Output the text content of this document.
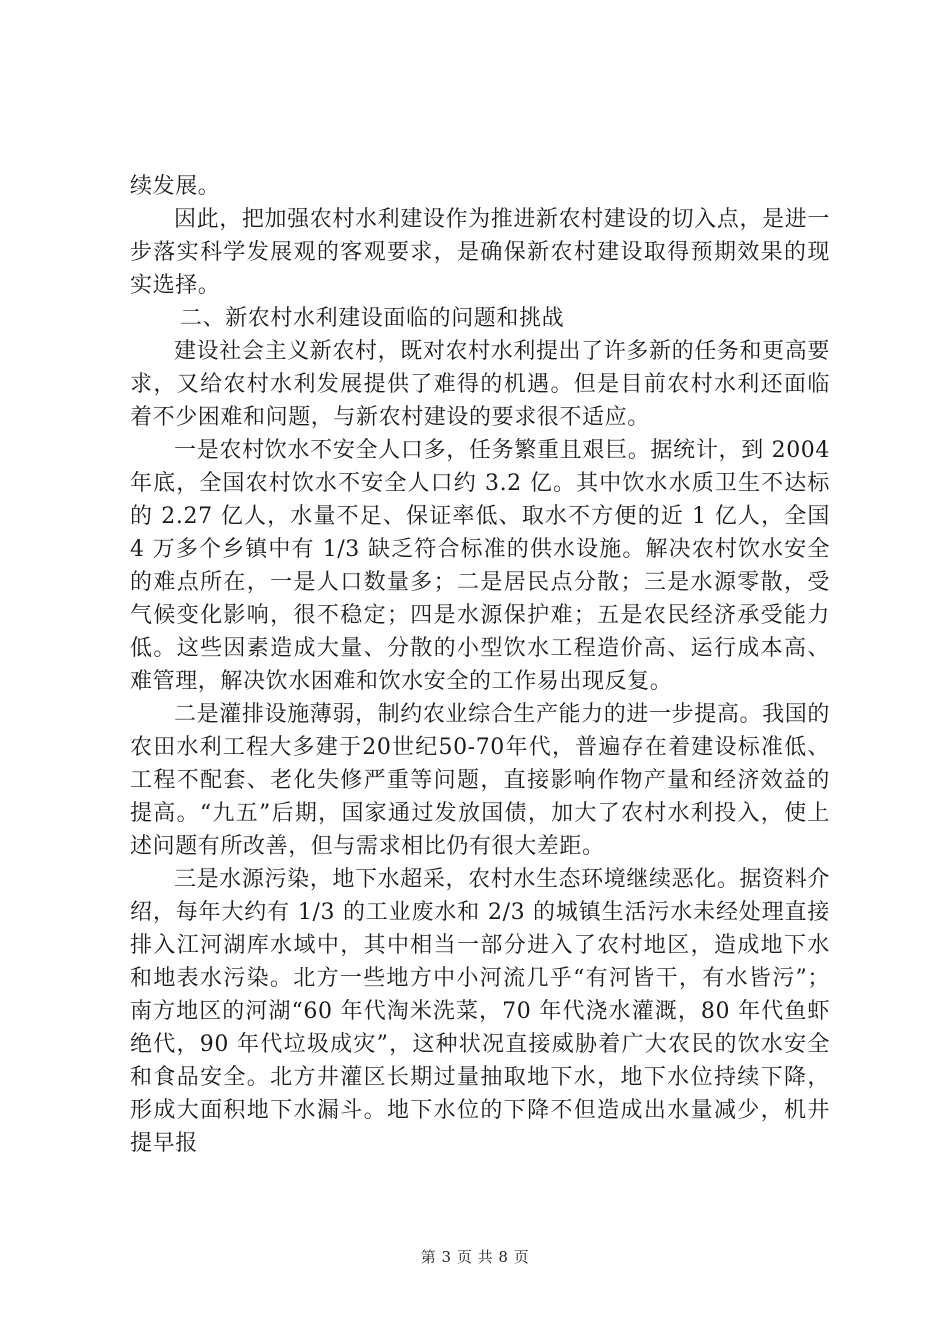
续发展。

因此，把加强农村水利建设作为推进新农村建设的切入点，是进一步落实科学发展观的客观要求，是确保新农村建设取得预期效果的现实选择。

二、新农村水利建设面临的问题和挑战

建设社会主义新农村，既对农村水利提出了许多新的任务和更高要求，又给农村水利发展提供了难得的机遇。但是目前农村水利还面临着不少困难和问题，与新农村建设的要求很不适应。

一是农村饮水不安全人口多，任务繁重且艰巨。据统计，到 2004 年底，全国农村饮水不安全人口约 3.2 亿。其中饮水水质卫生不达标的 2.27 亿人，水量不足、保证率低、取水不方便的近 1 亿人，全国 4 万多个乡镇中有 1/3 缺乏符合标准的供水设施。解决农村饮水安全的难点所在，一是人口数量多；二是居民点分散；三是水源零散，受气候变化影响，很不稳定；四是水源保护难；五是农民经济承受能力低。这些因素造成大量、分散的小型饮水工程造价高、运行成本高、难管理，解决饮水困难和饮水安全的工作易出现反复。

二是灌排设施薄弱，制约农业综合生产能力的进一步提高。我国的农田水利工程大多建于20世纪50-70年代，普遍存在着建设标准低、工程不配套、老化失修严重等问题，直接影响作物产量和经济效益的提高。“九五”后期，国家通过发放国债，加大了农村水利投入，使上述问题有所改善，但与需求相比仍有很大差距。

三是水源污染，地下水超采，农村水生态环境继续恶化。据资料介绍，每年大约有 1/3 的工业废水和 2/3 的城镇生活污水未经处理直接排入江河湖库水域中，其中相当一部分进入了农村地区，造成地下水和地表水污染。北方一些地方中小河流几乎“有河皆干，有水皆污”；南方地区的河湖“60 年代淘米洗菜，70 年代浇水灌溉，80 年代鱼虾绝代，90 年代垃圾成灾”，这种状况直接威胁着广大农民的饮水安全和食品安全。北方井灌区长期过量抽取地下水，地下水位持续下降，形成大面积地下水漏斗。地下水位的下降不但造成出水量减少，机井提早报

第 3 页 共 8 页
